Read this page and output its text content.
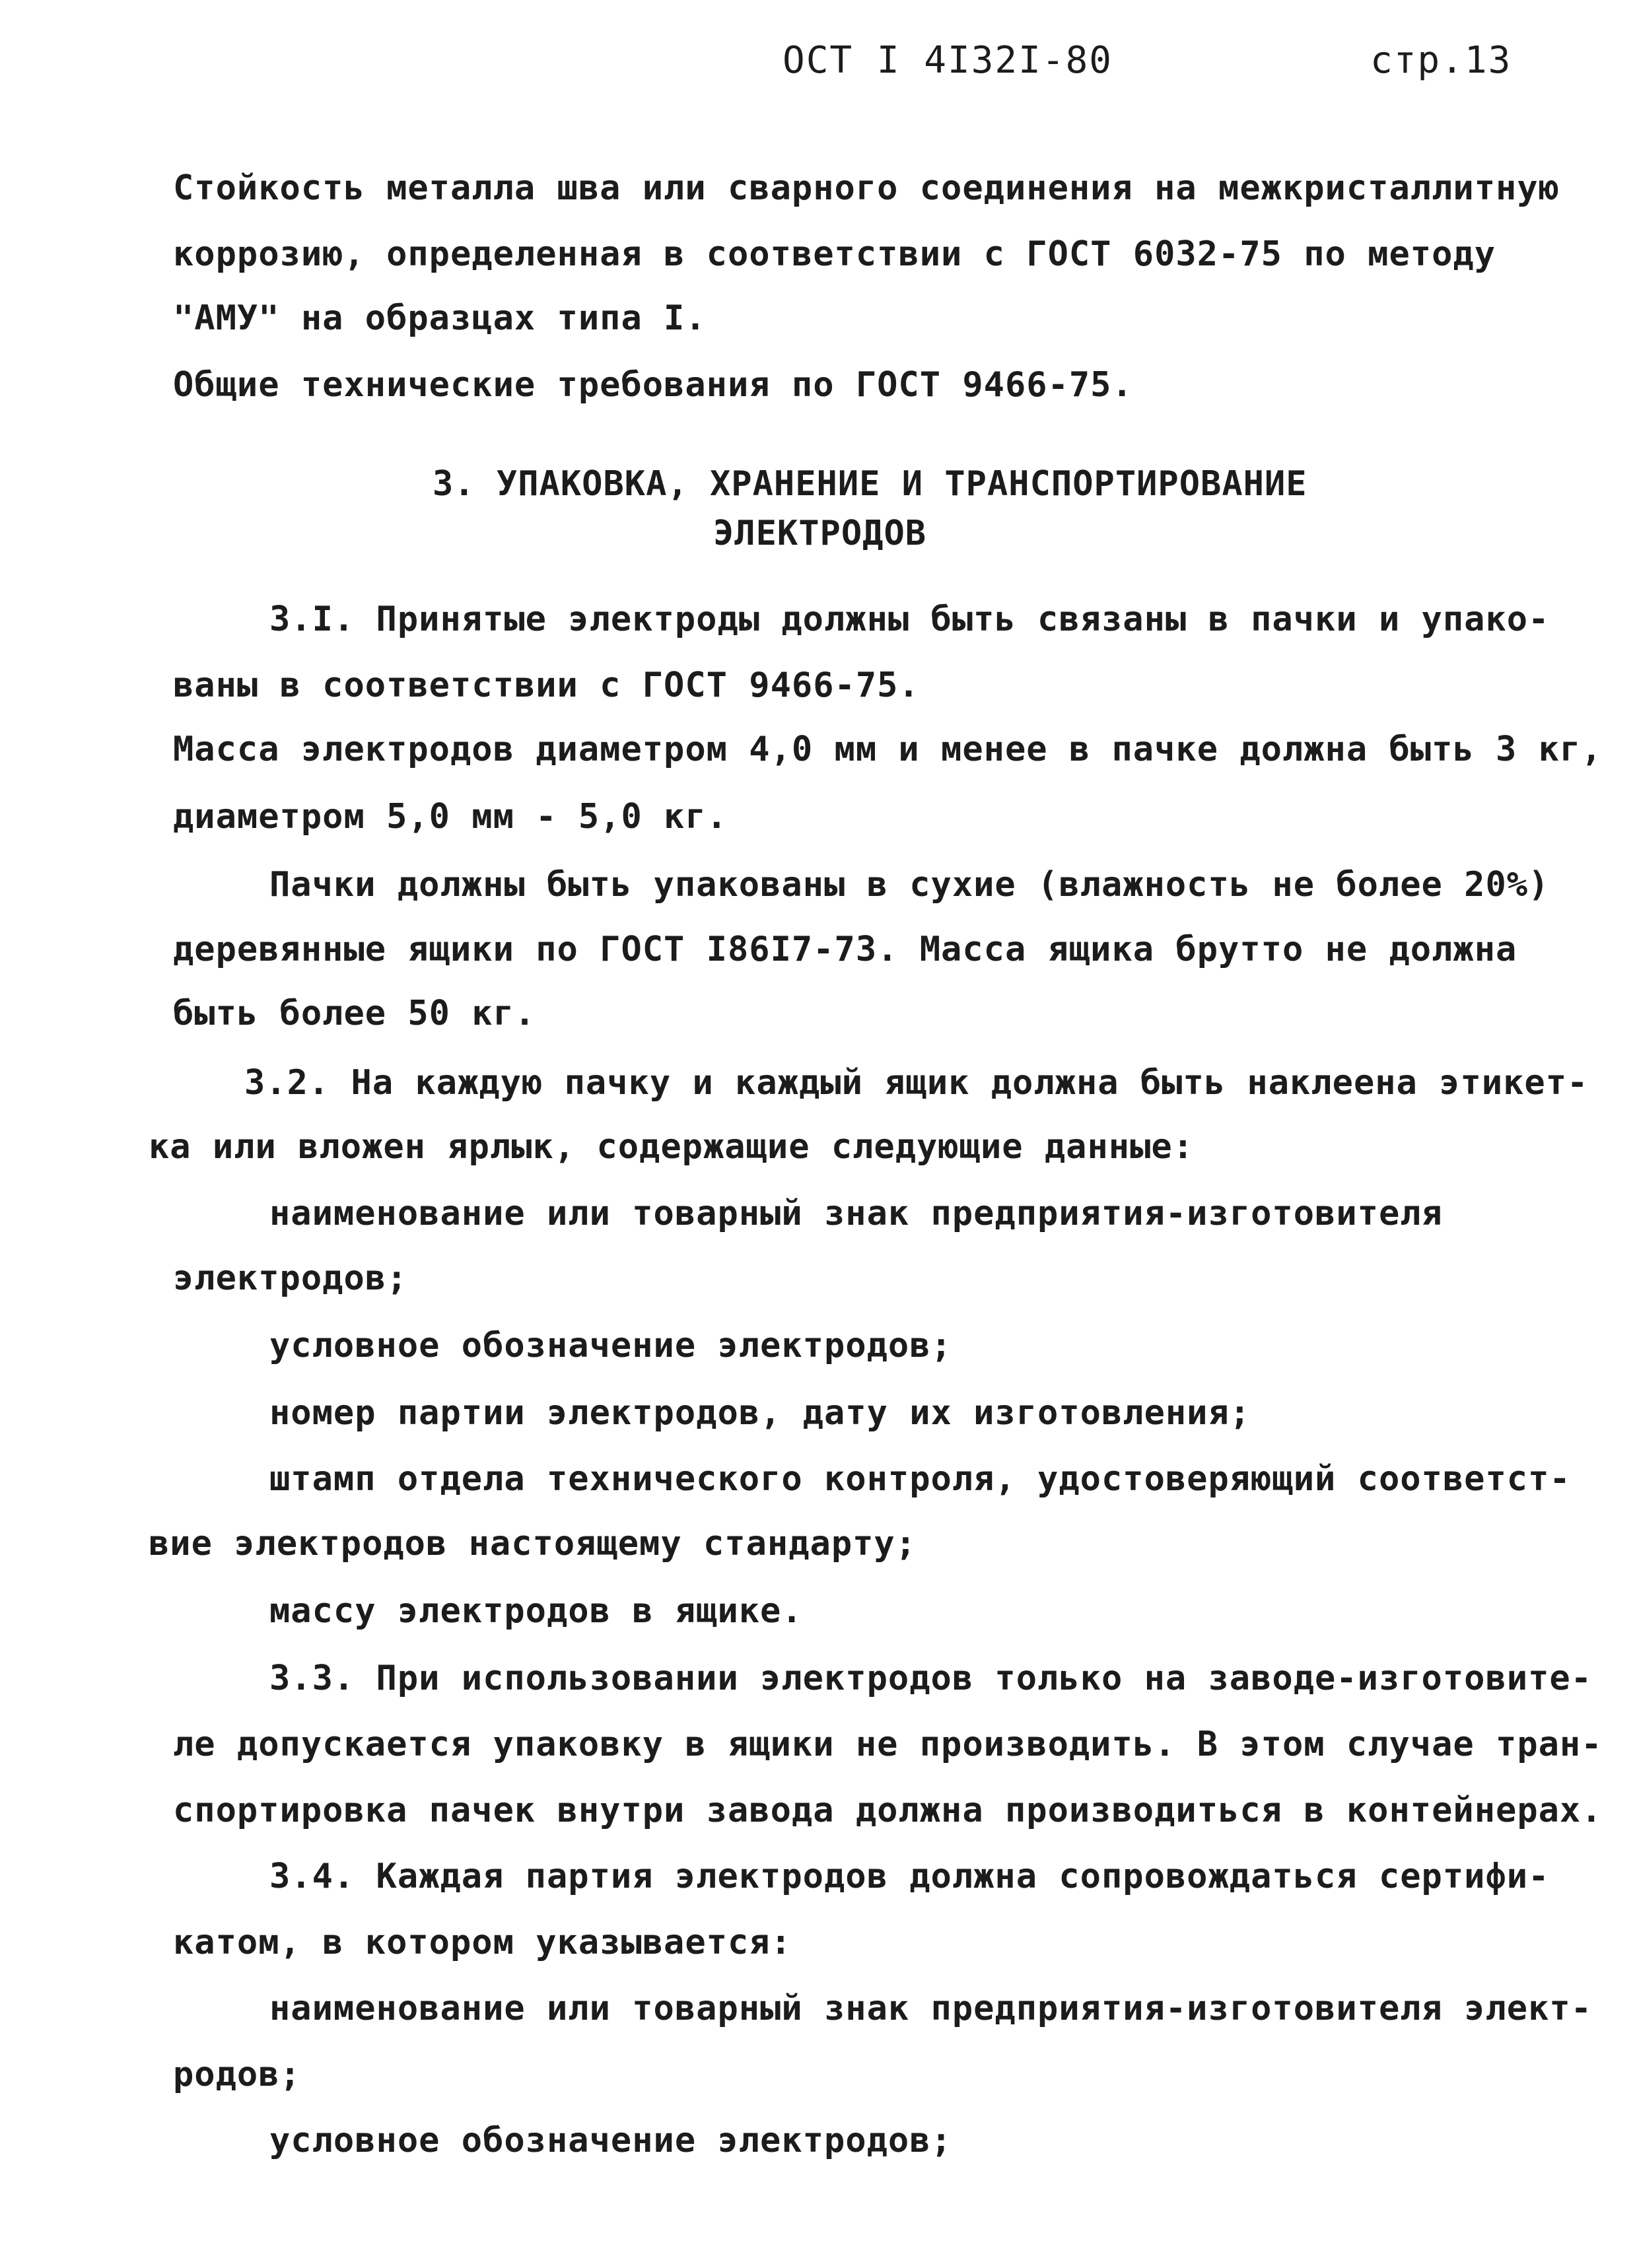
ОСТ I 4I32I-80	стр.13
Стойкость металла шва или сварного соединения на межкристаллитную
коррозию, определенная в соответствии с ГОСТ 6032-75 по методу
"АМУ" на образцах типа I.
Общие технические требования по ГОСТ 9466-75.
3. УПАКОВКА, ХРАНЕНИЕ И ТРАНСПОРТИРОВАНИЕ
ЭЛЕКТРОДОВ
3.I. Принятые электроды должны быть связаны в пачки и упако-
ваны в соответствии с ГОСТ 9466-75.
Масса электродов диаметром 4,0 мм и менее в пачке должна быть 3 кг,
диаметром 5,0 мм - 5,0 кг.
Пачки должны быть упакованы в сухие (влажность не более 20%)
деревянные ящики по ГОСТ I86I7-73. Масса ящика брутто не должна
быть более 50 кг.
3.2. На каждую пачку и каждый ящик должна быть наклеена этикет-
ка или вложен ярлык, содержащие следующие данные:
наименование или товарный знак предприятия-изготовителя
электродов;
условное обозначение электродов;
номер партии электродов, дату их изготовления;
штамп отдела технического контроля, удостоверяющий соответст-
вие электродов настоящему стандарту;
массу электродов в ящике.
3.3. При использовании электродов только на заводе-изготовите-
ле допускается упаковку в ящики не производить. В этом случае тран-
спортировка пачек внутри завода должна производиться в контейнерах.
3.4. Каждая партия электродов должна сопровождаться сертифи-
катом, в котором указывается:
наименование или товарный знак предприятия-изготовителя элект-
родов;
условное обозначение электродов;
